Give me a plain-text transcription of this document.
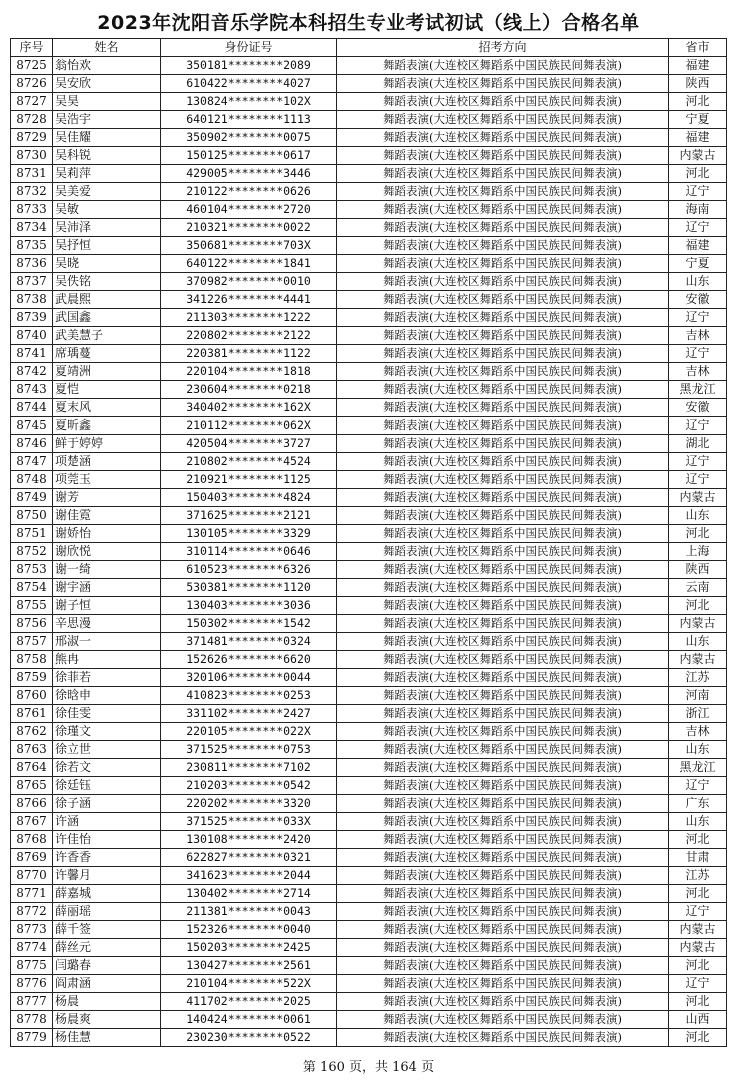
2023年沈阳音乐学院本科招生专业考试初试（线上）合格名单
序号	姓名	身份证号	招考方向	省市
8725	翁怡欢	350181********2089	舞蹈表演(大连校区舞蹈系中国民族民间舞表演)	福建
8726	吴安欣	610422********4027	舞蹈表演(大连校区舞蹈系中国民族民间舞表演)	陕西
8727	吴昊	130824********102X	舞蹈表演(大连校区舞蹈系中国民族民间舞表演)	河北
8728	吴浩宇	640121********1113	舞蹈表演(大连校区舞蹈系中国民族民间舞表演)	宁夏
8729	吴佳耀	350902********0075	舞蹈表演(大连校区舞蹈系中国民族民间舞表演)	福建
8730	吴科锐	150125********0617	舞蹈表演(大连校区舞蹈系中国民族民间舞表演)	内蒙古
8731	吴莉萍	429005********3446	舞蹈表演(大连校区舞蹈系中国民族民间舞表演)	河北
8732	吴美爱	210122********0626	舞蹈表演(大连校区舞蹈系中国民族民间舞表演)	辽宁
8733	吴敏	460104********2720	舞蹈表演(大连校区舞蹈系中国民族民间舞表演)	海南
8734	吴沛泽	210321********0022	舞蹈表演(大连校区舞蹈系中国民族民间舞表演)	辽宁
8735	吴抒恒	350681********703X	舞蹈表演(大连校区舞蹈系中国民族民间舞表演)	福建
8736	吴晓	640122********1841	舞蹈表演(大连校区舞蹈系中国民族民间舞表演)	宁夏
8737	吴佚铭	370982********0010	舞蹈表演(大连校区舞蹈系中国民族民间舞表演)	山东
8738	武晨熙	341226********4441	舞蹈表演(大连校区舞蹈系中国民族民间舞表演)	安徽
8739	武国鑫	211303********1222	舞蹈表演(大连校区舞蹈系中国民族民间舞表演)	辽宁
8740	武美慧子	220802********2122	舞蹈表演(大连校区舞蹈系中国民族民间舞表演)	吉林
8741	席瑀蔓	220381********1122	舞蹈表演(大连校区舞蹈系中国民族民间舞表演)	辽宁
8742	夏靖洲	220104********1818	舞蹈表演(大连校区舞蹈系中国民族民间舞表演)	吉林
8743	夏恺	230604********0218	舞蹈表演(大连校区舞蹈系中国民族民间舞表演)	黑龙江
8744	夏末风	340402********162X	舞蹈表演(大连校区舞蹈系中国民族民间舞表演)	安徽
8745	夏昕鑫	210112********062X	舞蹈表演(大连校区舞蹈系中国民族民间舞表演)	辽宁
8746	鲜于婷婷	420504********3727	舞蹈表演(大连校区舞蹈系中国民族民间舞表演)	湖北
8747	项楚涵	210802********4524	舞蹈表演(大连校区舞蹈系中国民族民间舞表演)	辽宁
8748	项莞玉	210921********1125	舞蹈表演(大连校区舞蹈系中国民族民间舞表演)	辽宁
8749	谢芳	150403********4824	舞蹈表演(大连校区舞蹈系中国民族民间舞表演)	内蒙古
8750	谢佳霓	371625********2121	舞蹈表演(大连校区舞蹈系中国民族民间舞表演)	山东
8751	谢娇怡	130105********3329	舞蹈表演(大连校区舞蹈系中国民族民间舞表演)	河北
8752	谢欣悦	310114********0646	舞蹈表演(大连校区舞蹈系中国民族民间舞表演)	上海
8753	谢一绮	610523********6326	舞蹈表演(大连校区舞蹈系中国民族民间舞表演)	陕西
8754	谢宇涵	530381********1120	舞蹈表演(大连校区舞蹈系中国民族民间舞表演)	云南
8755	谢子恒	130403********3036	舞蹈表演(大连校区舞蹈系中国民族民间舞表演)	河北
8756	辛思漫	150302********1542	舞蹈表演(大连校区舞蹈系中国民族民间舞表演)	内蒙古
8757	邢淑一	371481********0324	舞蹈表演(大连校区舞蹈系中国民族民间舞表演)	山东
8758	熊冉	152626********6620	舞蹈表演(大连校区舞蹈系中国民族民间舞表演)	内蒙古
8759	徐菲若	320106********0044	舞蹈表演(大连校区舞蹈系中国民族民间舞表演)	江苏
8760	徐晗申	410823********0253	舞蹈表演(大连校区舞蹈系中国民族民间舞表演)	河南
8761	徐佳雯	331102********2427	舞蹈表演(大连校区舞蹈系中国民族民间舞表演)	浙江
8762	徐瑾文	220105********022X	舞蹈表演(大连校区舞蹈系中国民族民间舞表演)	吉林
8763	徐立世	371525********0753	舞蹈表演(大连校区舞蹈系中国民族民间舞表演)	山东
8764	徐若文	230811********7102	舞蹈表演(大连校区舞蹈系中国民族民间舞表演)	黑龙江
8765	徐廷钰	210203********0542	舞蹈表演(大连校区舞蹈系中国民族民间舞表演)	辽宁
8766	徐子涵	220202********3320	舞蹈表演(大连校区舞蹈系中国民族民间舞表演)	广东
8767	许涵	371525********033X	舞蹈表演(大连校区舞蹈系中国民族民间舞表演)	山东
8768	许佳怡	130108********2420	舞蹈表演(大连校区舞蹈系中国民族民间舞表演)	河北
8769	许香香	622827********0321	舞蹈表演(大连校区舞蹈系中国民族民间舞表演)	甘肃
8770	许馨月	341623********2044	舞蹈表演(大连校区舞蹈系中国民族民间舞表演)	江苏
8771	薛嘉城	130402********2714	舞蹈表演(大连校区舞蹈系中国民族民间舞表演)	河北
8772	薛丽瑶	211381********0043	舞蹈表演(大连校区舞蹈系中国民族民间舞表演)	辽宁
8773	薛千签	152326********0040	舞蹈表演(大连校区舞蹈系中国民族民间舞表演)	内蒙古
8774	薛丝元	150203********2425	舞蹈表演(大连校区舞蹈系中国民族民间舞表演)	内蒙古
8775	闫璐春	130427********2561	舞蹈表演(大连校区舞蹈系中国民族民间舞表演)	河北
8776	阎肃涵	210104********522X	舞蹈表演(大连校区舞蹈系中国民族民间舞表演)	辽宁
8777	杨晨	411702********2025	舞蹈表演(大连校区舞蹈系中国民族民间舞表演)	河北
8778	杨晨爽	140424********0061	舞蹈表演(大连校区舞蹈系中国民族民间舞表演)	山西
8779	杨佳慧	230230********0522	舞蹈表演(大连校区舞蹈系中国民族民间舞表演)	河北
第 160 页，共 164 页
